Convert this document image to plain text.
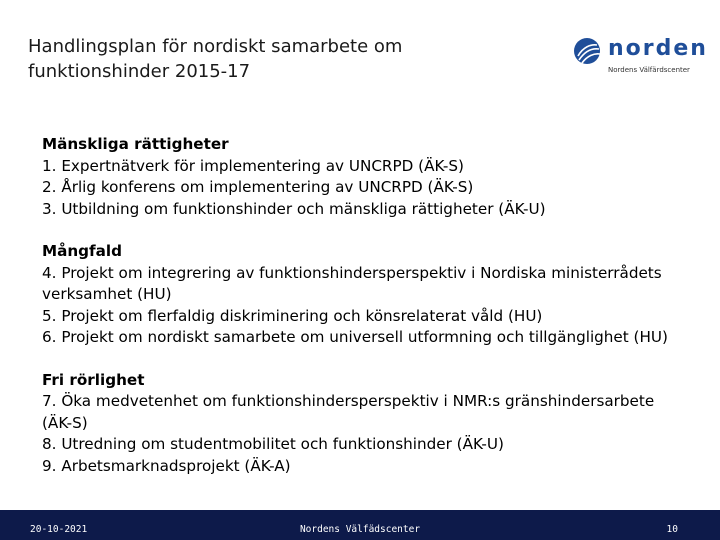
Handlingsplan för nordiskt samarbete om
funktionshinder 2015-17
norden
Nordens Välfärdscenter
Mänskliga rättigheter
1. Expertnätverk för implementering av UNCRPD (ÄK-S)
2. Årlig konferens om implementering av UNCRPD (ÄK-S)
3. Utbildning om funktionshinder och mänskliga rättigheter (ÄK-U)
Mångfald
4. Projekt om integrering av funktionshindersperspektiv i Nordiska ministerrådets verksamhet (HU)
5. Projekt om flerfaldig diskriminering och könsrelaterat våld (HU)
6. Projekt om nordiskt samarbete om universell utformning och tillgänglighet (HU)
Fri rörlighet
7. Öka medvetenhet om funktionshindersperspektiv i NMR:s gränshindersarbete (ÄK-S)
8. Utredning om studentmobilitet och funktionshinder (ÄK-U)
9. Arbetsmarknadsprojekt (ÄK-A)
20-10-2021	Nordens Välfädscenter	10
